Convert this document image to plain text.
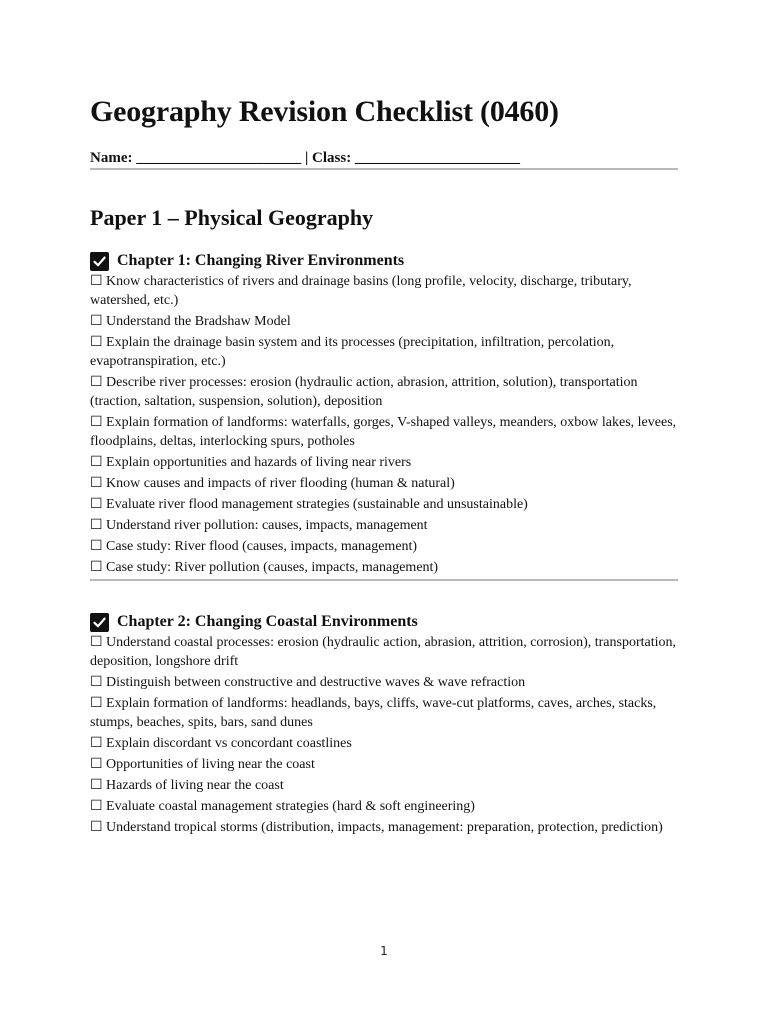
Geography Revision Checklist (0460)
Name: ______________________ | Class: ______________________
Paper 1 – Physical Geography
Chapter 1: Changing River Environments
☐ Know characteristics of rivers and drainage basins (long profile, velocity, discharge, tributary, watershed, etc.)
☐ Understand the Bradshaw Model
☐ Explain the drainage basin system and its processes (precipitation, infiltration, percolation, evapotranspiration, etc.)
☐ Describe river processes: erosion (hydraulic action, abrasion, attrition, solution), transportation (traction, saltation, suspension, solution), deposition
☐ Explain formation of landforms: waterfalls, gorges, V-shaped valleys, meanders, oxbow lakes, levees, floodplains, deltas, interlocking spurs, potholes
☐ Explain opportunities and hazards of living near rivers
☐ Know causes and impacts of river flooding (human & natural)
☐ Evaluate river flood management strategies (sustainable and unsustainable)
☐ Understand river pollution: causes, impacts, management
☐ Case study: River flood (causes, impacts, management)
☐ Case study: River pollution (causes, impacts, management)
Chapter 2: Changing Coastal Environments
☐ Understand coastal processes: erosion (hydraulic action, abrasion, attrition, corrosion), transportation, deposition, longshore drift
☐ Distinguish between constructive and destructive waves & wave refraction
☐ Explain formation of landforms: headlands, bays, cliffs, wave-cut platforms, caves, arches, stacks, stumps, beaches, spits, bars, sand dunes
☐ Explain discordant vs concordant coastlines
☐ Opportunities of living near the coast
☐ Hazards of living near the coast
☐ Evaluate coastal management strategies (hard & soft engineering)
☐ Understand tropical storms (distribution, impacts, management: preparation, protection, prediction)
1
